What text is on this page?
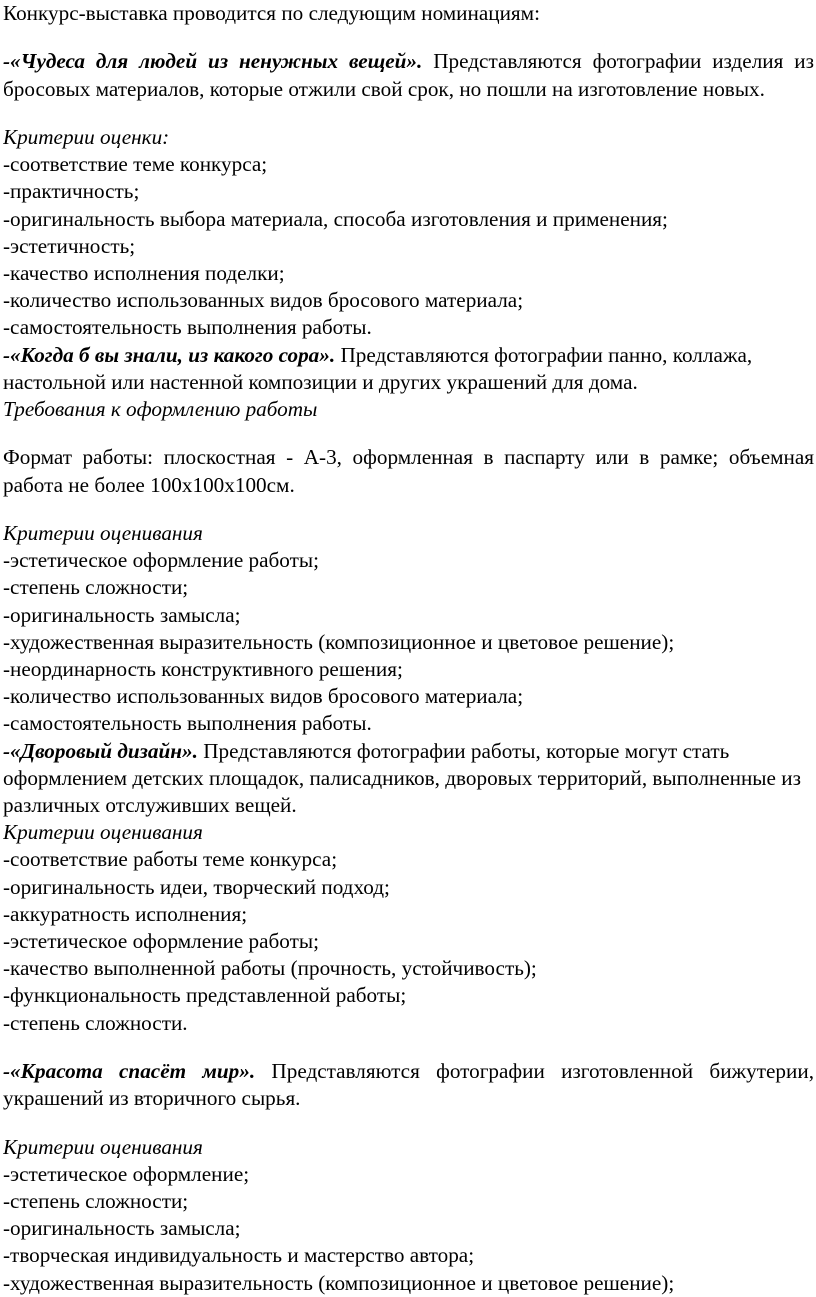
Конкурс-выставка проводится по следующим номинациям:

-«Чудеса для людей из ненужных вещей». Представляются фотографии изделия из бросовых материалов, которые отжили свой срок, но пошли на изготовление новых.

Критерии оценки:

-соответствие теме конкурса;

-практичность;

-оригинальность выбора материала, способа изготовления и применения;

-эстетичность;

-качество исполнения поделки;

-количество использованных видов бросового материала;

-самостоятельность выполнения работы.

-«Когда б вы знали, из какого сора». Представляются фотографии панно, коллажа, настольной или настенной композиции и других украшений для дома.

Требования к оформлению работы

Формат работы: плоскостная - А-3, оформленная в паспарту или в рамке; объемная работа не более 100х100х100см.

Критерии оценивания

-эстетическое оформление работы;

-степень сложности;

-оригинальность замысла;

-художественная выразительность (композиционное и цветовое решение);

-неординарность конструктивного решения;

-количество использованных видов бросового материала;

-самостоятельность выполнения работы.

-«Дворовый дизайн». Представляются фотографии работы, которые могут стать оформлением детских площадок, палисадников, дворовых территорий, выполненные из различных отслуживших вещей.

Критерии оценивания

-соответствие работы теме конкурса;

-оригинальность идеи, творческий подход;

-аккуратность исполнения;

-эстетическое оформление работы;

-качество выполненной работы (прочность, устойчивость);

-функциональность представленной работы;

-степень сложности.

-«Красота спасёт мир». Представляются фотографии изготовленной бижутерии, украшений из вторичного сырья.

Критерии оценивания

-эстетическое оформление;

-степень сложности;

-оригинальность замысла;

-творческая индивидуальность и мастерство автора;

-художественная выразительность (композиционное и цветовое решение);
